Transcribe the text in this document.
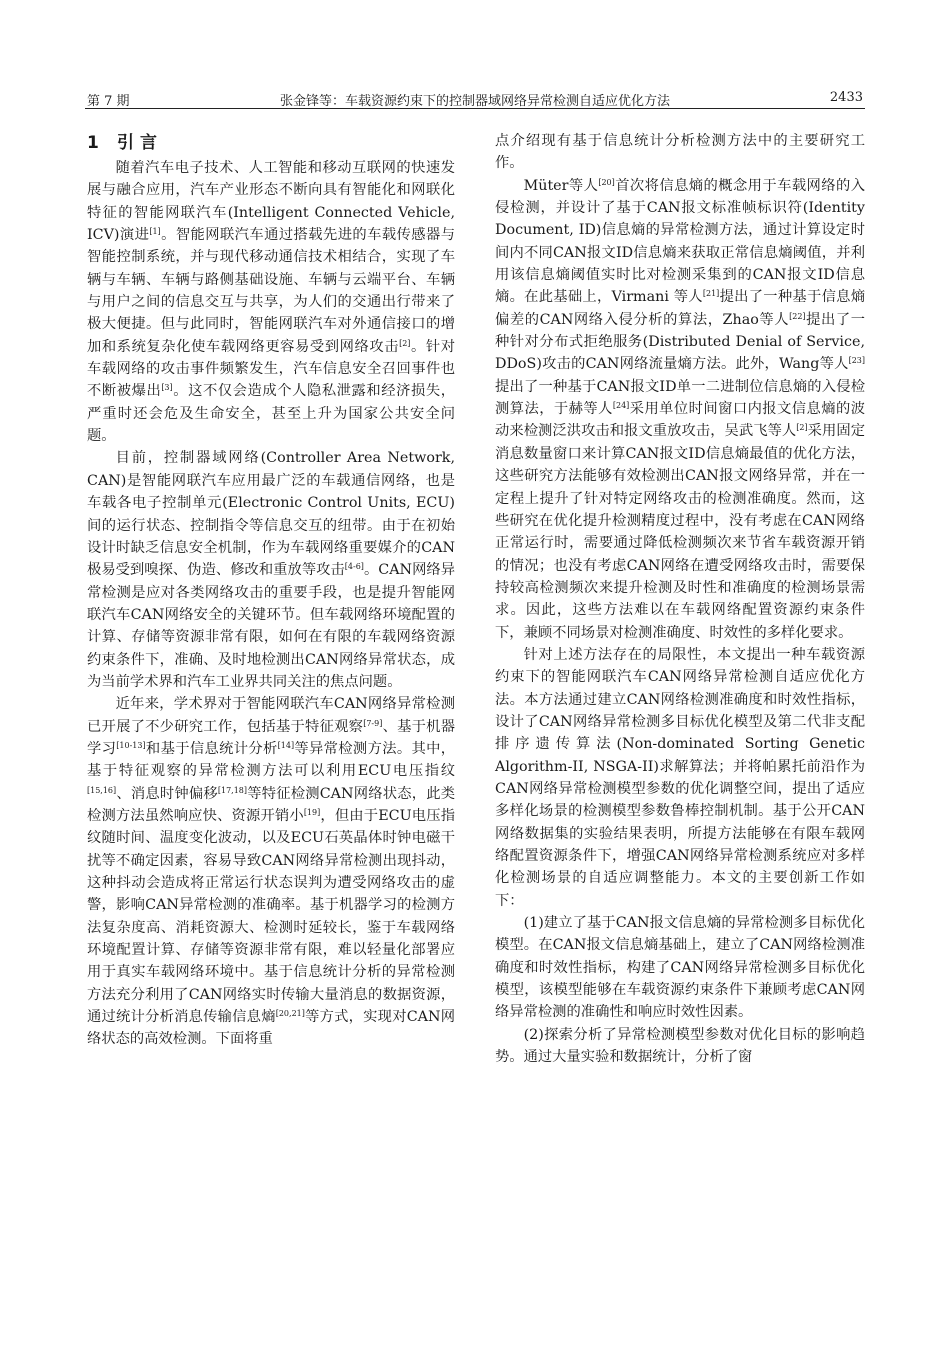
第 7 期	张金锋等：车载资源约束下的控制器域网络异常检测自适应优化方法	2433
1 引言

随着汽车电子技术、人工智能和移动互联网的快速发展与融合应用，汽车产业形态不断向具有智能化和网联化特征的智能网联汽车(Intelligent Connected Vehicle, ICV)演进[1]。智能网联汽车通过搭载先进的车载传感器与智能控制系统，并与现代移动通信技术相结合，实现了车辆与车辆、车辆与路侧基础设施、车辆与云端平台、车辆与用户之间的信息交互与共享，为人们的交通出行带来了极大便捷。但与此同时，智能网联汽车对外通信接口的增加和系统复杂化使车载网络更容易受到网络攻击[2]。针对车载网络的攻击事件频繁发生，汽车信息安全召回事件也不断被爆出[3]。这不仅会造成个人隐私泄露和经济损失，严重时还会危及生命安全，甚至上升为国家公共安全问题。

目前，控制器域网络(Controller Area Network, CAN)是智能网联汽车应用最广泛的车载通信网络，也是车载各电子控制单元(Electronic Control Units, ECU)间的运行状态、控制指令等信息交互的纽带。由于在初始设计时缺乏信息安全机制，作为车载网络重要媒介的CAN极易受到嗅探、伪造、修改和重放等攻击[4-6]。CAN网络异常检测是应对各类网络攻击的重要手段，也是提升智能网联汽车CAN网络安全的关键环节。但车载网络环境配置的计算、存储等资源非常有限，如何在有限的车载网络资源约束条件下，准确、及时地检测出CAN网络异常状态，成为当前学术界和汽车工业界共同关注的焦点问题。

近年来，学术界对于智能网联汽车CAN网络异常检测已开展了不少研究工作，包括基于特征观察[7-9]、基于机器学习[10-13]和基于信息统计分析[14]等异常检测方法。其中，基于特征观察的异常检测方法可以利用ECU电压指纹[15,16]、消息时钟偏移[17,18]等特征检测CAN网络状态，此类检测方法虽然响应快、资源开销小[19]，但由于ECU电压指纹随时间、温度变化波动，以及ECU石英晶体时钟电磁干扰等不确定因素，容易导致CAN网络异常检测出现抖动，这种抖动会造成将正常运行状态误判为遭受网络攻击的虚警，影响CAN异常检测的准确率。基于机器学习的检测方法复杂度高、消耗资源大、检测时延较长，鉴于车载网络环境配置计算、存储等资源非常有限，难以轻量化部署应用于真实车载网络环境中。基于信息统计分析的异常检测方法充分利用了CAN网络实时传输大量消息的数据资源，通过统计分析消息传输信息熵[20,21]等方式，实现对CAN网络状态的高效检测。下面将重

点介绍现有基于信息统计分析检测方法中的主要研究工作。

Müter等人[20]首次将信息熵的概念用于车载网络的入侵检测，并设计了基于CAN报文标准帧标识符(Identity Document, ID)信息熵的异常检测方法，通过计算设定时间内不同CAN报文ID信息熵来获取正常信息熵阈值，并利用该信息熵阈值实时比对检测采集到的CAN报文ID信息熵。在此基础上，Virmani 等人[21]提出了一种基于信息熵偏差的CAN网络入侵分析的算法，Zhao等人[22]提出了一种针对分布式拒绝服务(Distributed Denial of Service, DDoS)攻击的CAN网络流量熵方法。此外，Wang等人[23]提出了一种基于CAN报文ID单一二进制位信息熵的入侵检测算法，于赫等人[24]采用单位时间窗口内报文信息熵的波动来检测泛洪攻击和报文重放攻击，吴武飞等人[2]采用固定消息数量窗口来计算CAN报文ID信息熵最值的优化方法，这些研究方法能够有效检测出CAN报文网络异常，并在一定程上提升了针对特定网络攻击的检测准确度。然而，这些研究在优化提升检测精度过程中，没有考虑在CAN网络正常运行时，需要通过降低检测频次来节省车载资源开销的情况；也没有考虑CAN网络在遭受网络攻击时，需要保持较高检测频次来提升检测及时性和准确度的检测场景需求。因此，这些方法难以在车载网络配置资源约束条件下，兼顾不同场景对检测准确度、时效性的多样化要求。

针对上述方法存在的局限性，本文提出一种车载资源约束下的智能网联汽车CAN网络异常检测自适应优化方法。本方法通过建立CAN网络检测准确度和时效性指标，设计了CAN网络异常检测多目标优化模型及第二代非支配排序遗传算法(Non-dominated Sorting Genetic Algorithm-II, NSGA-II)求解算法；并将帕累托前沿作为CAN网络异常检测模型参数的优化调整空间，提出了适应多样化场景的检测模型参数鲁棒控制机制。基于公开CAN网络数据集的实验结果表明，所提方法能够在有限车载网络配置资源条件下，增强CAN网络异常检测系统应对多样化检测场景的自适应调整能力。本文的主要创新工作如下：

(1)建立了基于CAN报文信息熵的异常检测多目标优化模型。在CAN报文信息熵基础上，建立了CAN网络检测准确度和时效性指标，构建了CAN网络异常检测多目标优化模型，该模型能够在车载资源约束条件下兼顾考虑CAN网络异常检测的准确性和响应时效性因素。

(2)探索分析了异常检测模型参数对优化目标的影响趋势。通过大量实验和数据统计，分析了窗
